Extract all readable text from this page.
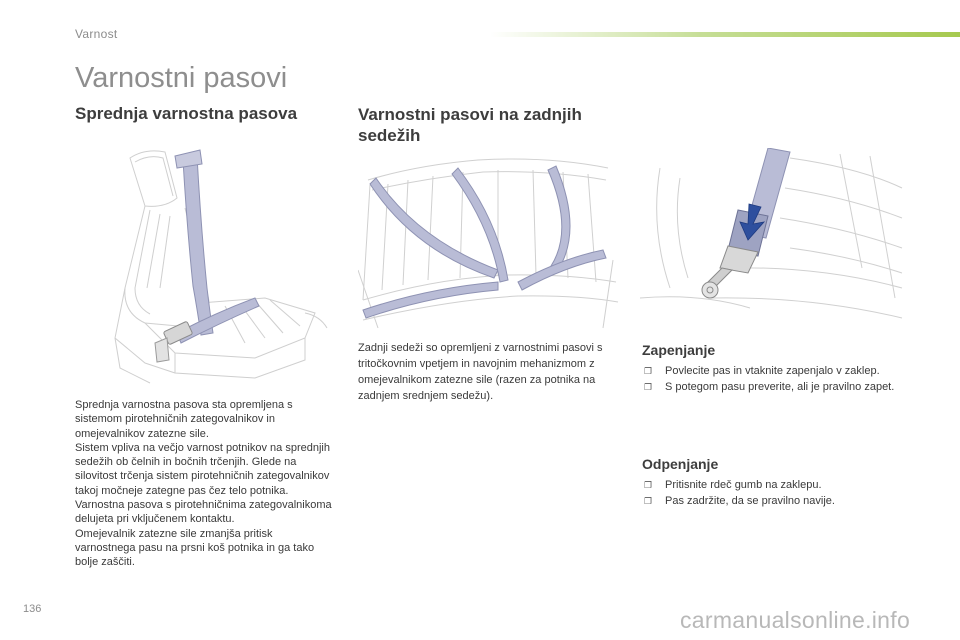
Varnost
Varnostni pasovi
Sprednja varnostna pasova	Varnostni pasovi na zadnjih sedežih

Sprednja varnostna pasova sta opremljena s sistemom pirotehničnih zategovalnikov in omejevalnikov zatezne sile.

Sistem vpliva na večjo varnost potnikov na sprednjih sedežih ob čelnih in bočnih trčenjih. Glede na silovitost trčenja sistem pirotehničnih zategovalnikov takoj močneje zategne pas čez telo potnika.

Varnostna pasova s pirotehničnima zategovalnikoma delujeta pri vključenem kontaktu.

Omejevalnik zatezne sile zmanjša pritisk varnostnega pasu na prsni koš potnika in ga tako bolje zaščiti.

Zadnji sedeži so opremljeni z varnostnimi pasovi s tritočkovnim vpetjem in navojnim mehanizmom z omejevalnikom zatezne sile (razen za potnika na zadnjem srednjem sedežu).
Zapenjanje
❐ Povlecite pas in vtaknite zapenjalo v zaklep.
❐ S potegom pasu preverite, ali je pravilno zapet.
Odpenjanje
❐ Pritisnite rdeč gumb na zaklepu.
❐ Pas zadržite, da se pravilno navije.
136	carmanualsonline.info
